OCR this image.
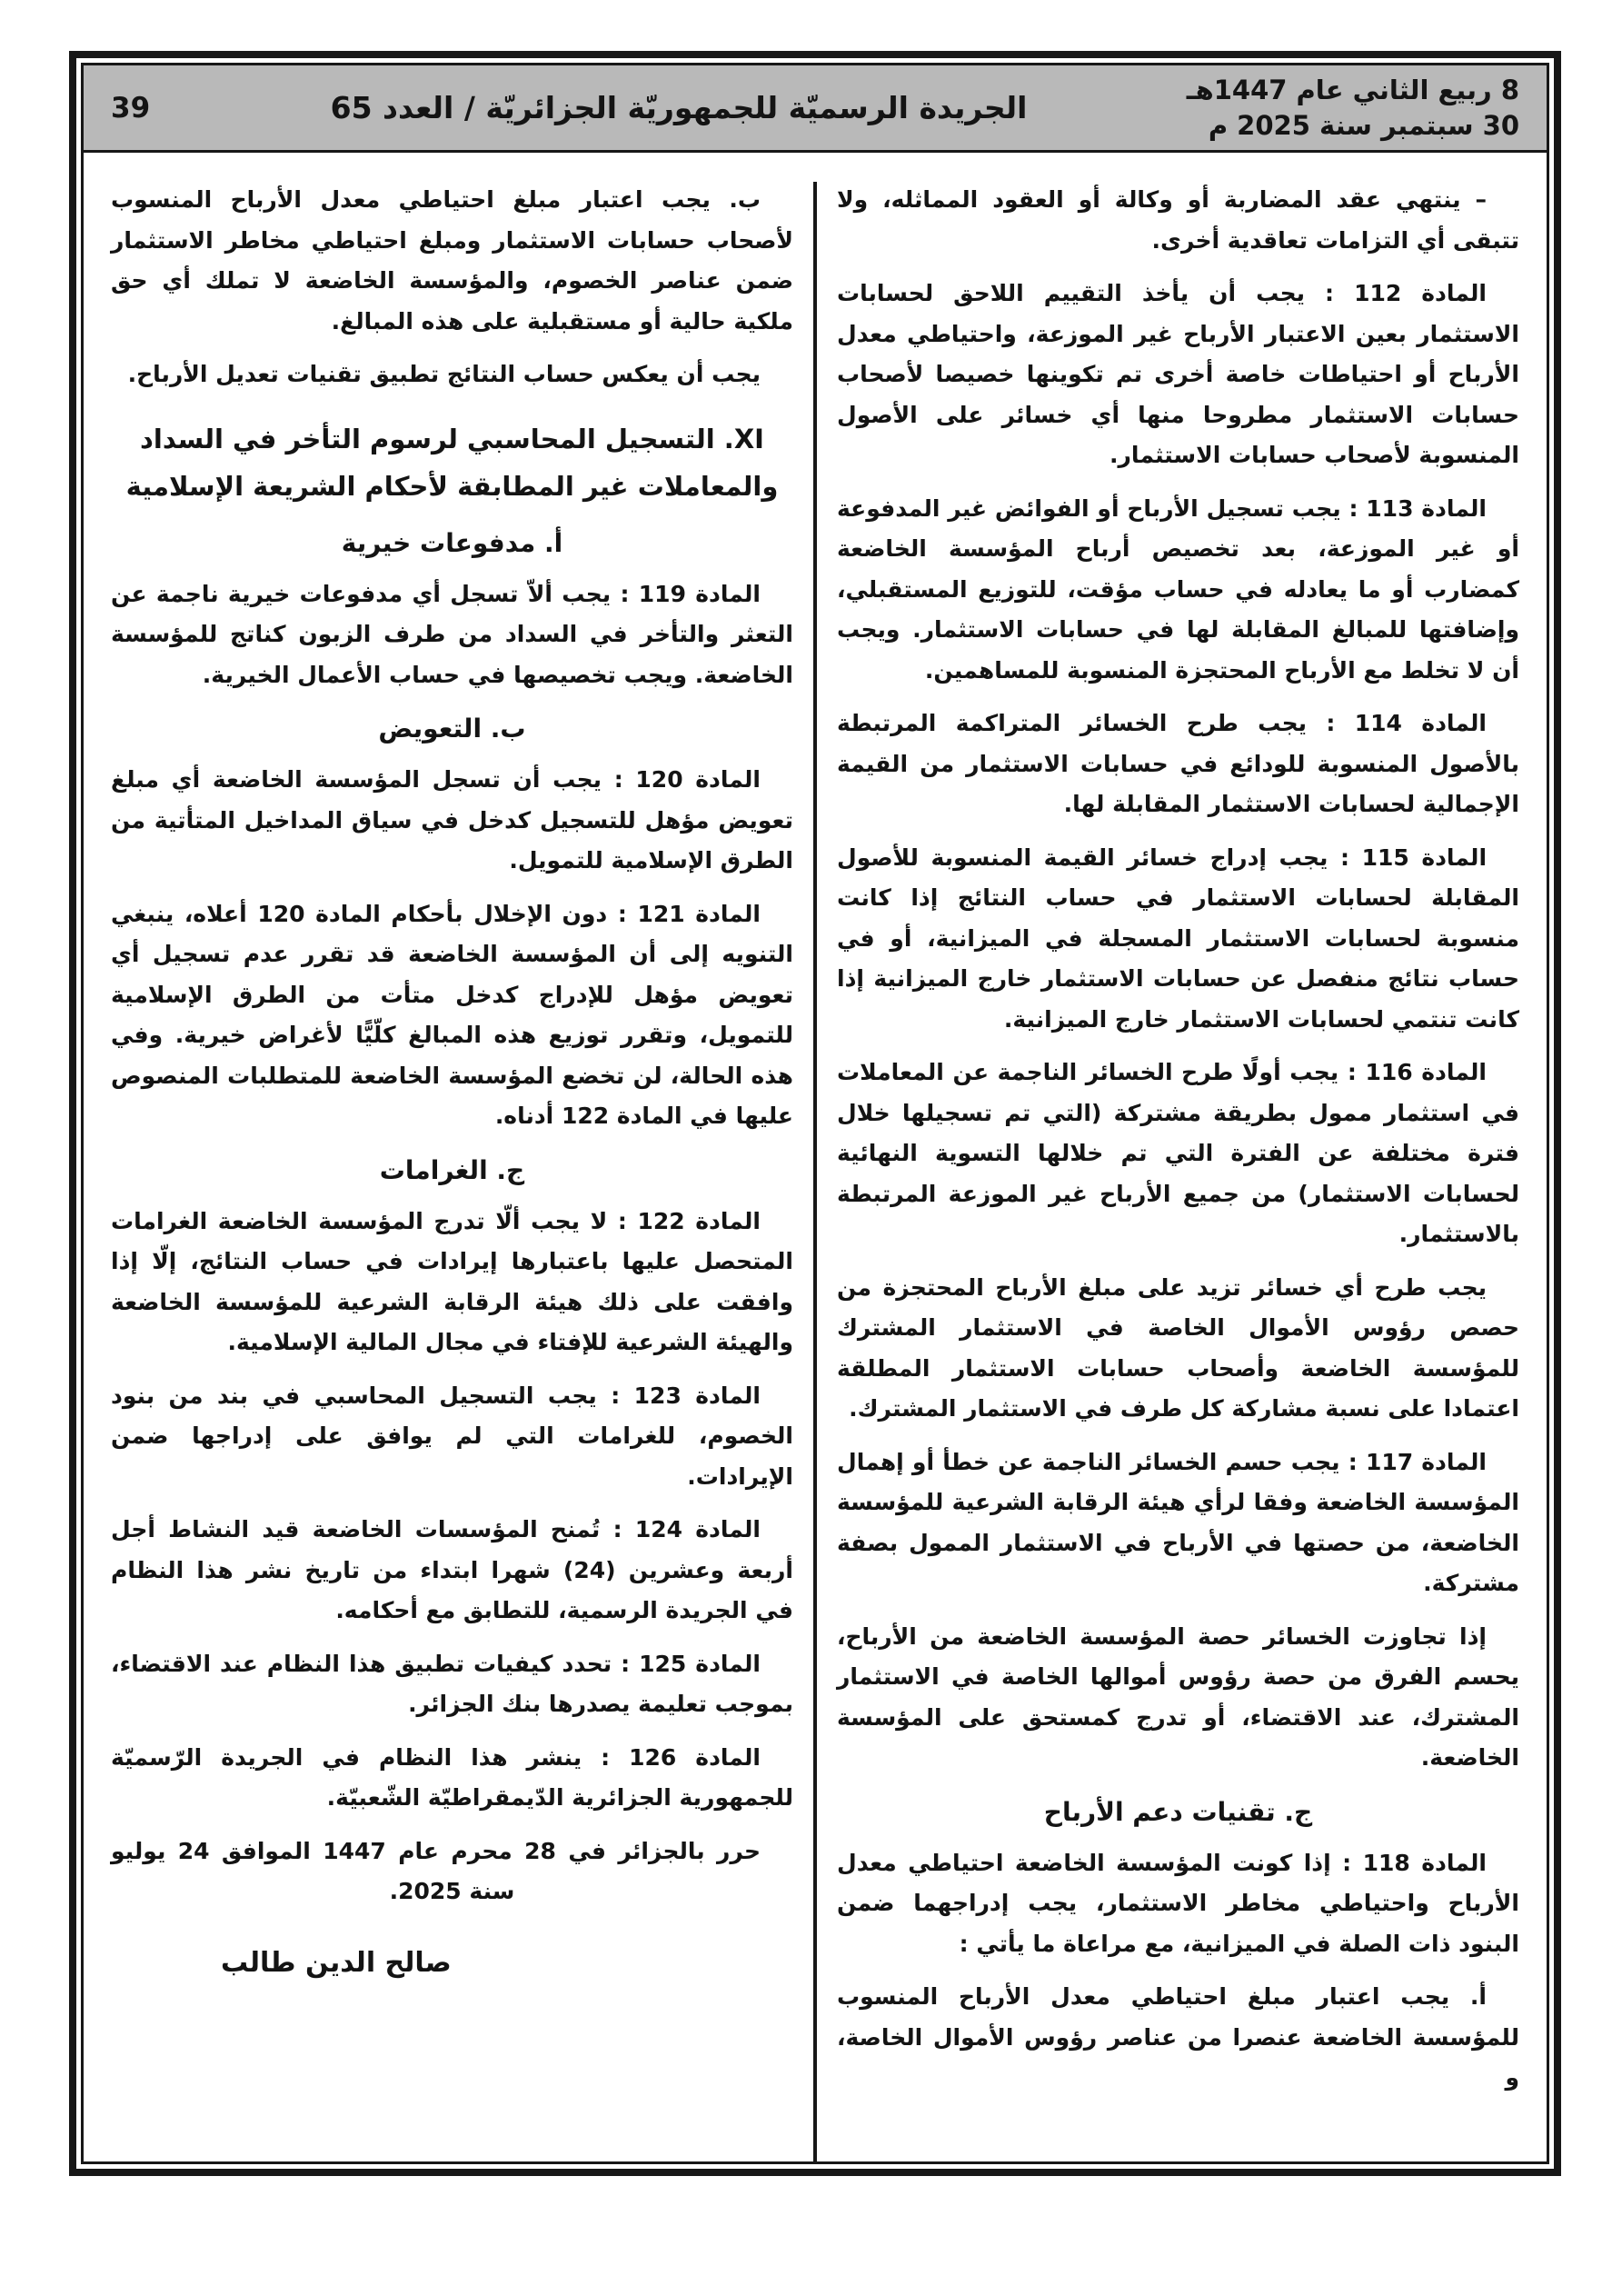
39	الجريدة الرسميّة للجمهوريّة الجزائريّة / العدد 65	8 ربيع الثاني عام 1447هـ
30 سبتمبر سنة 2025 م

– ينتهي عقد المضاربة أو وكالة أو العقود المماثله، ولا تتبقى أي التزامات تعاقدية أخرى.

المادة 112 : يجب أن يأخذ التقييم اللاحق لحسابات الاستثمار بعين الاعتبار الأرباح غير الموزعة، واحتياطي معدل الأرباح أو احتياطات خاصة أخرى تم تكوينها خصيصا لأصحاب حسابات الاستثمار مطروحا منها أي خسائر على الأصول المنسوبة لأصحاب حسابات الاستثمار.

المادة 113 : يجب تسجيل الأرباح أو الفوائض غير المدفوعة أو غير الموزعة، بعد تخصيص أرباح المؤسسة الخاضعة كمضارب أو ما يعادله في حساب مؤقت، للتوزيع المستقبلي، وإضافتها للمبالغ المقابلة لها في حسابات الاستثمار. ويجب أن لا تخلط مع الأرباح المحتجزة المنسوبة للمساهمين.

المادة 114 : يجب طرح الخسائر المتراكمة المرتبطة بالأصول المنسوبة للودائع في حسابات الاستثمار من القيمة الإجمالية لحسابات الاستثمار المقابلة لها.

المادة 115 : يجب إدراج خسائر القيمة المنسوبة للأصول المقابلة لحسابات الاستثمار في حساب النتائج إذا كانت منسوبة لحسابات الاستثمار المسجلة في الميزانية، أو في حساب نتائج منفصل عن حسابات الاستثمار خارج الميزانية إذا كانت تنتمي لحسابات الاستثمار خارج الميزانية.

المادة 116 : يجب أولًا طرح الخسائر الناجمة عن المعاملات في استثمار ممول بطريقة مشتركة (التي تم تسجيلها خلال فترة مختلفة عن الفترة التي تم خلالها التسوية النهائية لحسابات الاستثمار) من جميع الأرباح غير الموزعة المرتبطة بالاستثمار.

يجب طرح أي خسائر تزيد على مبلغ الأرباح المحتجزة من حصص رؤوس الأموال الخاصة في الاستثمار المشترك للمؤسسة الخاضعة وأصحاب حسابات الاستثمار المطلقة اعتمادا على نسبة مشاركة كل طرف في الاستثمار المشترك.

المادة 117 : يجب حسم الخسائر الناجمة عن خطأ أو إهمال المؤسسة الخاضعة وفقا لرأي هيئة الرقابة الشرعية للمؤسسة الخاضعة، من حصتها في الأرباح في الاستثمار الممول بصفة مشتركة.

إذا تجاوزت الخسائر حصة المؤسسة الخاضعة من الأرباح، يحسم الفرق من حصة رؤوس أموالها الخاصة في الاستثمار المشترك، عند الاقتضاء، أو تدرج كمستحق على المؤسسة الخاضعة.

ج. تقنيات دعم الأرباح

المادة 118 : إذا كونت المؤسسة الخاضعة احتياطي معدل الأرباح واحتياطي مخاطر الاستثمار، يجب إدراجهما ضمن البنود ذات الصلة في الميزانية، مع مراعاة ما يأتي :

أ. يجب اعتبار مبلغ احتياطي معدل الأرباح المنسوب للمؤسسة الخاضعة عنصرا من عناصر رؤوس الأموال الخاصة، و

ب. يجب اعتبار مبلغ احتياطي معدل الأرباح المنسوب لأصحاب حسابات الاستثمار ومبلغ احتياطي مخاطر الاستثمار ضمن عناصر الخصوم، والمؤسسة الخاضعة لا تملك أي حق ملكية حالية أو مستقبلية على هذه المبالغ.

يجب أن يعكس حساب النتائج تطبيق تقنيات تعديل الأرباح.

XI. التسجيل المحاسبي لرسوم التأخر في السداد والمعاملات غير المطابقة لأحكام الشريعة الإسلامية
أ. مدفوعات خيرية

المادة 119 : يجب ألاّ تسجل أي مدفوعات خيرية ناجمة عن التعثر والتأخر في السداد من طرف الزبون كناتج للمؤسسة الخاضعة. ويجب تخصيصها في حساب الأعمال الخيرية.

ب. التعويض

المادة 120 : يجب أن تسجل المؤسسة الخاضعة أي مبلغ تعويض مؤهل للتسجيل كدخل في سياق المداخيل المتأتية من الطرق الإسلامية للتمويل.

المادة 121 : دون الإخلال بأحكام المادة 120 أعلاه، ينبغي التنويه إلى أن المؤسسة الخاضعة قد تقرر عدم تسجيل أي تعويض مؤهل للإدراج كدخل متأت من الطرق الإسلامية للتمويل، وتقرر توزيع هذه المبالغ كلّيًّا لأغراض خيرية. وفي هذه الحالة، لن تخضع المؤسسة الخاضعة للمتطلبات المنصوص عليها في المادة 122 أدناه.

ج. الغرامات

المادة 122 : لا يجب ألّا تدرج المؤسسة الخاضعة الغرامات المتحصل عليها باعتبارها إيرادات في حساب النتائج، إلّا إذا وافقت على ذلك هيئة الرقابة الشرعية للمؤسسة الخاضعة والهيئة الشرعية للإفتاء في مجال المالية الإسلامية.

المادة 123 : يجب التسجيل المحاسبي في بند من بنود الخصوم، للغرامات التي لم يوافق على إدراجها ضمن الإيرادات.

المادة 124 : تُمنح المؤسسات الخاضعة قيد النشاط أجل أربعة وعشرين (24) شهرا ابتداء من تاريخ نشر هذا النظام في الجريدة الرسمية، للتطابق مع أحكامه.

المادة 125 : تحدد كيفيات تطبيق هذا النظام عند الاقتضاء، بموجب تعليمة يصدرها بنك الجزائر.

المادة 126 : ينشر هذا النظام في الجريدة الرّسميّة للجمهورية الجزائرية الدّيمقراطيّة الشّعبيّة.

حرر بالجزائر في 28 محرم عام 1447 الموافق 24 يوليو سنة 2025.

صالح الدين طالب
